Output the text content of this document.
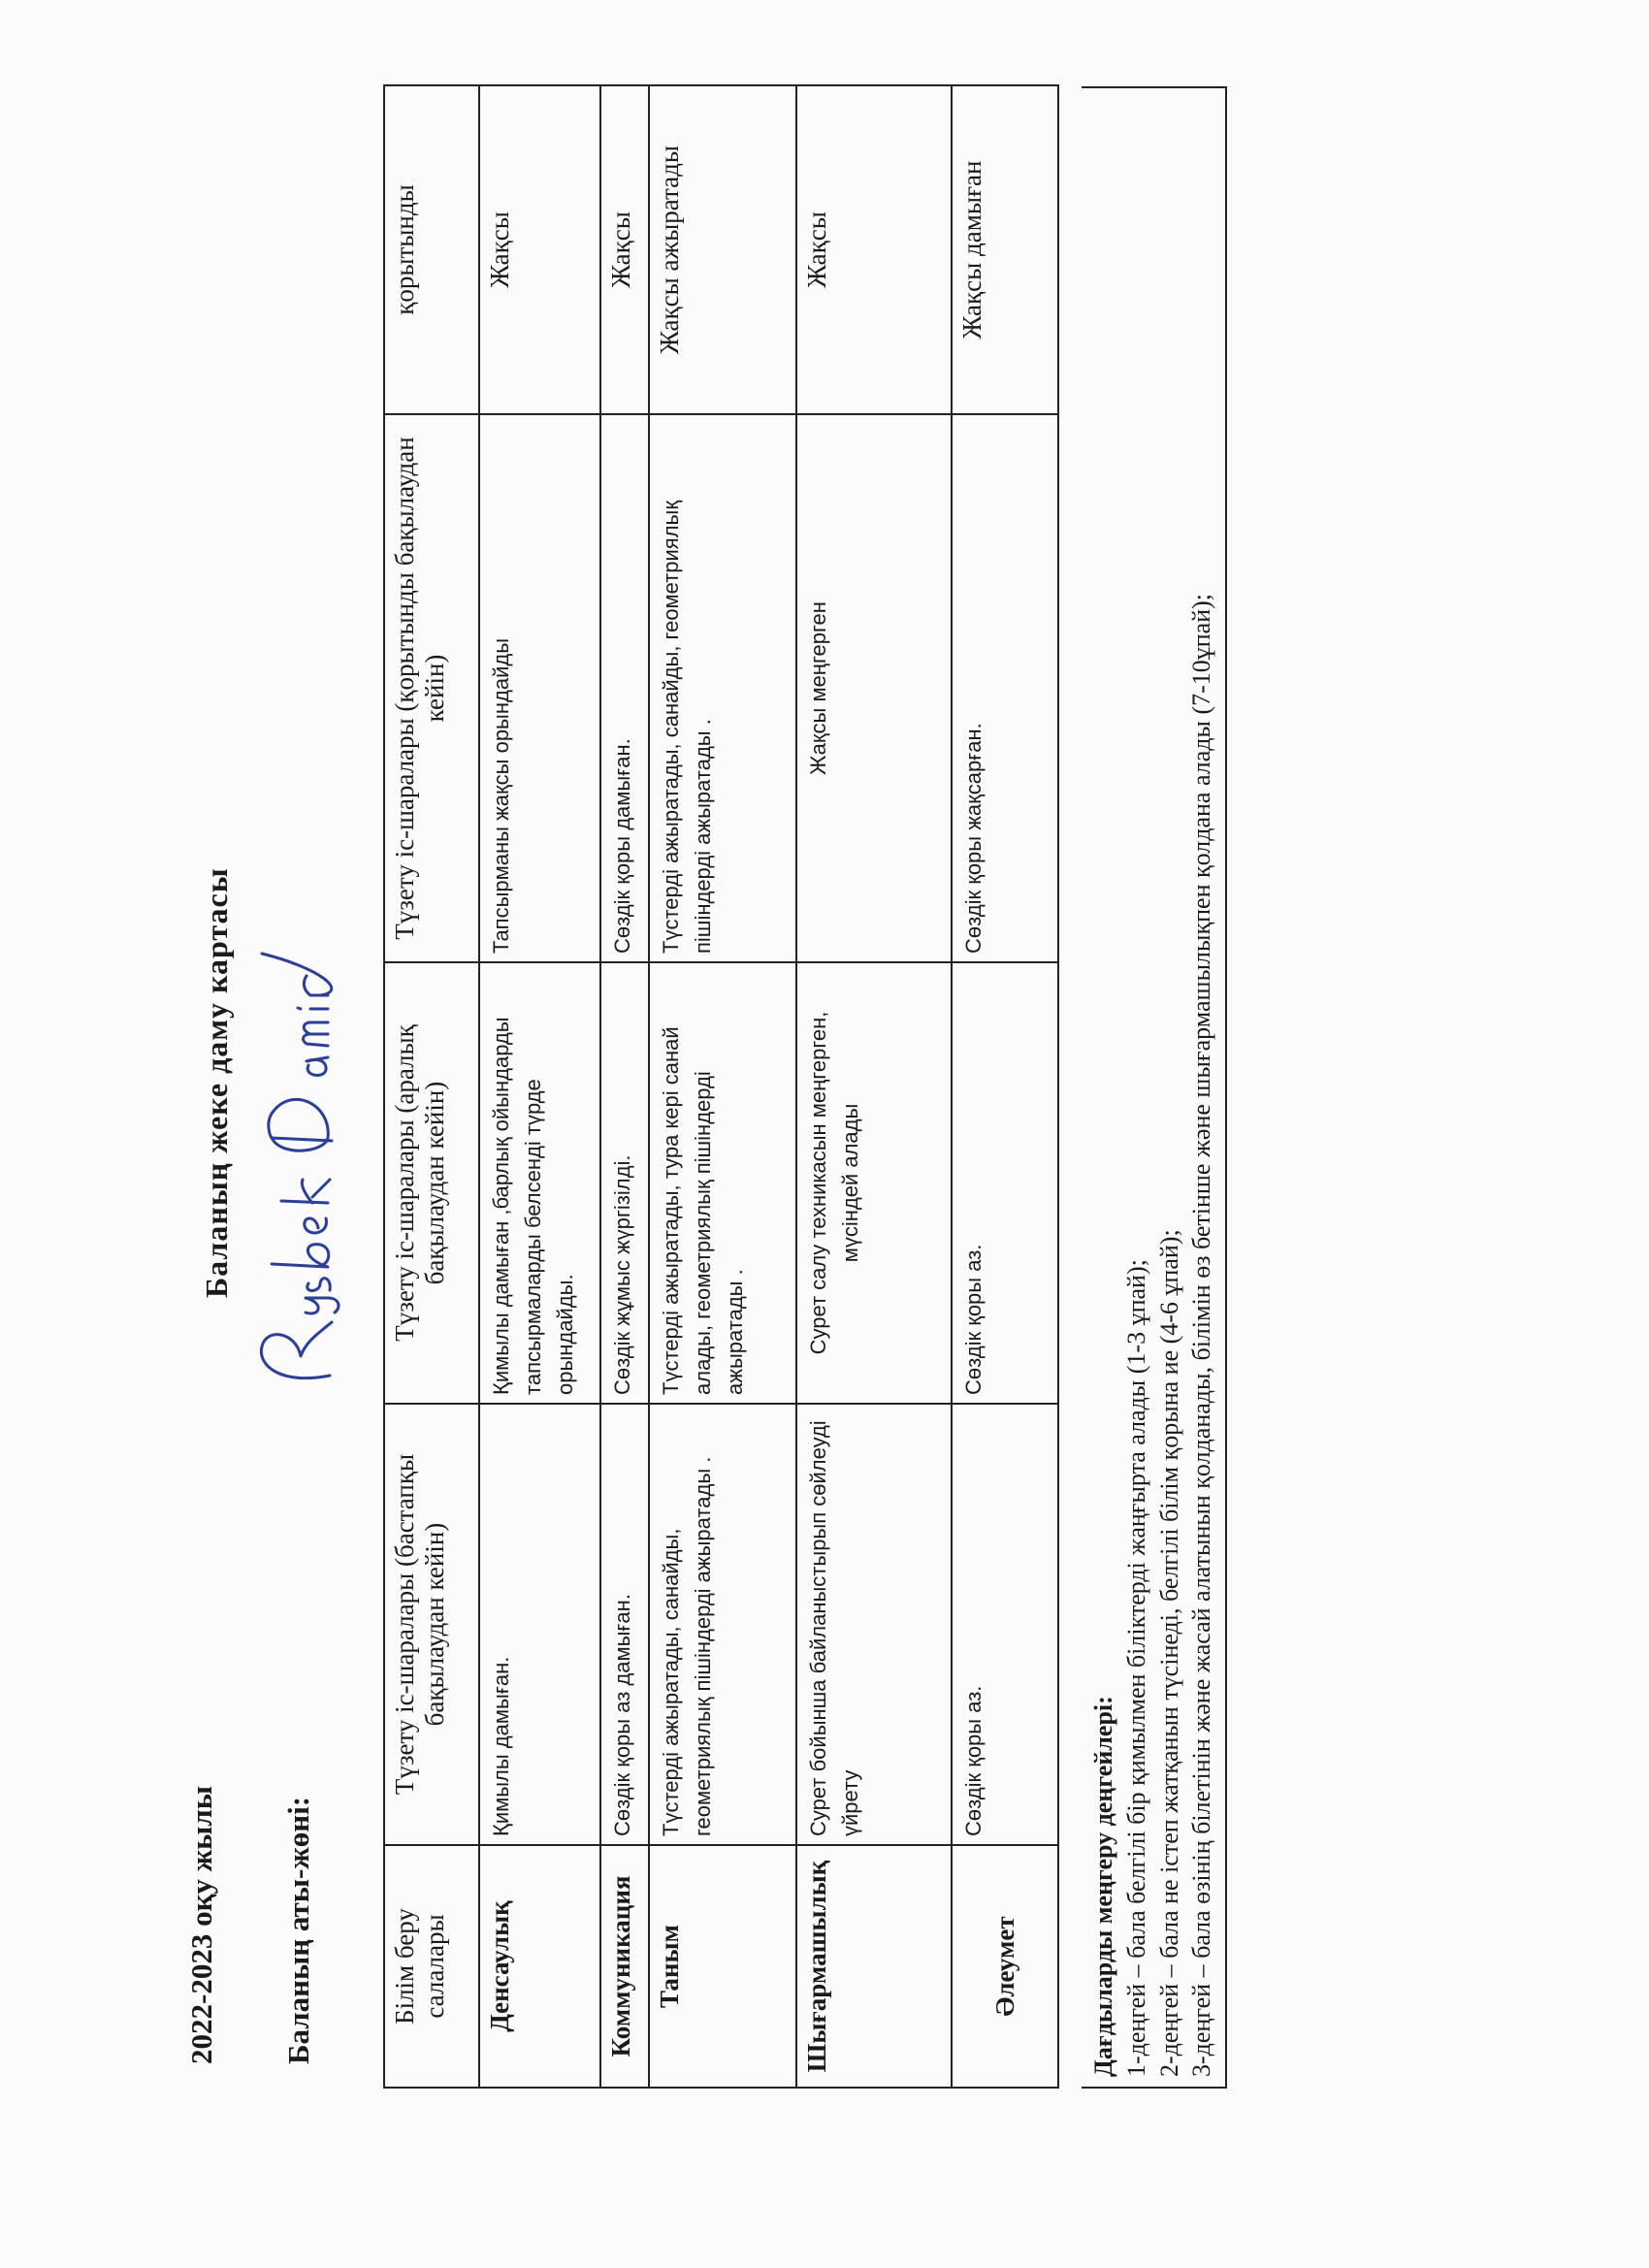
2022-2023 оқу жылы
Баланың жеке даму картасы
Баланың аты-жөні:	Білім беру салалары	Түзету іс-шаралары (бастапқы бақылаудан кейін)	Түзету іс-шаралары (аралық бақылаудан кейін)	Түзету іс-шаралары (қорытынды бақылаудан кейін)	қорытынды
Денсаулық	Қимылы дамыған.	Қимылы дамыған ,барлық ойындарды тапсырмаларды белсенді түрде орындайды.	Тапсырманы жақсы орындайды	Жақсы
Коммуникация	Сөздік қоры аз дамыған.	Сөздік жұмыс жүргізілді.	Сөздік қоры дамыған.	Жақсы
Таным	Түстерді ажыратады, санайды, геометриялық пішіндерді ажыратады .	Түстерді ажыратады, тура кері санай алады, геометриялық пішіндерді ажыратады .	Түстерді ажыратады, санайды, геометриялық пішіндерді ажыратады .	Жақсы ажыратады
Шығармашылық	Сурет бойынша байланыстырып сөйлеуді үйрету	Сурет салу техникасын меңгерген, мүсіндей алады	Жақсы меңгерген	Жақсы
Әлеумет	Сөздік қоры аз.	Сөздік қоры аз.	Сөздік қоры жақсарған.	Жақсы дамыған
Дағдыларды меңгеру деңгейлері: 1-деңгей – бала белгілі бір қимылмен біліктерді жаңғырта алады (1-3 ұпай); 2-деңгей – бала не істеп жатқанын түсінеді, белгілі білім қорына ие (4-6 ұпай); 3-деңгей – бала өзінің білетінін және жасай алатынын қолданады, білімін өз бетінше және шығармашылықпен қолдана алады (7-10ұпай);
